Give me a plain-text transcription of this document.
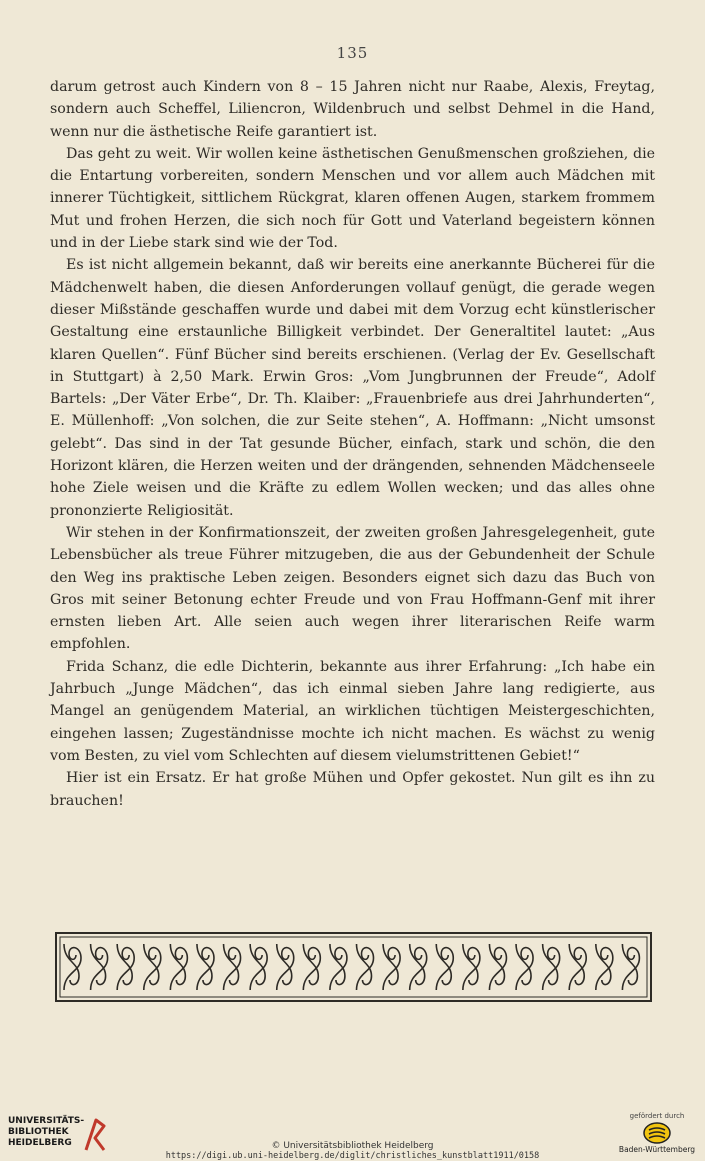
135

darum getrost auch Kindern von 8 – 15 Jahren nicht nur Raabe, Alexis, Freytag, sondern auch Scheffel, Liliencron, Wildenbruch und selbst Dehmel in die Hand, wenn nur die ästhetische Reife garantiert ist.

Das geht zu weit. Wir wollen keine ästhetischen Genußmenschen großziehen, die die Entartung vorbereiten, sondern Menschen und vor allem auch Mädchen mit innerer Tüchtigkeit, sittlichem Rückgrat, klaren offenen Augen, starkem frommem Mut und frohen Herzen, die sich noch für Gott und Vaterland begeistern können und in der Liebe stark sind wie der Tod.

Es ist nicht allgemein bekannt, daß wir bereits eine anerkannte Bücherei für die Mädchenwelt haben, die diesen Anforderungen vollauf genügt, die gerade wegen dieser Mißstände geschaffen wurde und dabei mit dem Vorzug echt künstlerischer Gestaltung eine erstaunliche Billigkeit verbindet. Der Generaltitel lautet: „Aus klaren Quellen“. Fünf Bücher sind bereits erschienen. (Verlag der Ev. Gesellschaft in Stuttgart) à 2,50 Mark. Erwin Gros: „Vom Jungbrunnen der Freude“, Adolf Bartels: „Der Väter Erbe“, Dr. Th. Klaiber: „Frauenbriefe aus drei Jahrhunderten“, E. Müllenhoff: „Von solchen, die zur Seite stehen“, A. Hoffmann: „Nicht umsonst gelebt“. Das sind in der Tat gesunde Bücher, einfach, stark und schön, die den Horizont klären, die Herzen weiten und der drängenden, sehnenden Mädchenseele hohe Ziele weisen und die Kräfte zu edlem Wollen wecken; und das alles ohne prononzierte Religiosität.

Wir stehen in der Konfirmationszeit, der zweiten großen Jahresgelegenheit, gute Lebensbücher als treue Führer mitzugeben, die aus der Gebundenheit der Schule den Weg ins praktische Leben zeigen. Besonders eignet sich dazu das Buch von Gros mit seiner Betonung echter Freude und von Frau Hoffmann-Genf mit ihrer ernsten lieben Art. Alle seien auch wegen ihrer literarischen Reife warm empfohlen.

Frida Schanz, die edle Dichterin, bekannte aus ihrer Erfahrung: „Ich habe ein Jahrbuch „Junge Mädchen“, das ich einmal sieben Jahre lang redigierte, aus Mangel an genügendem Material, an wirklichen tüchtigen Meistergeschichten, eingehen lassen; Zugeständnisse mochte ich nicht machen. Es wächst zu wenig vom Besten, zu viel vom Schlechten auf diesem vielumstrittenen Gebiet!“

Hier ist ein Ersatz. Er hat große Mühen und Opfer gekostet. Nun gilt es ihn zu brauchen!

UNIVERSITÄTS-
BIBLIOTHEK
HEIDELBERG	© Universitätsbibliothek Heidelberg
https://digi.ub.uni-heidelberg.de/diglit/christliches_kunstblatt1911/0158
gefördert durch
Baden-Württemberg
